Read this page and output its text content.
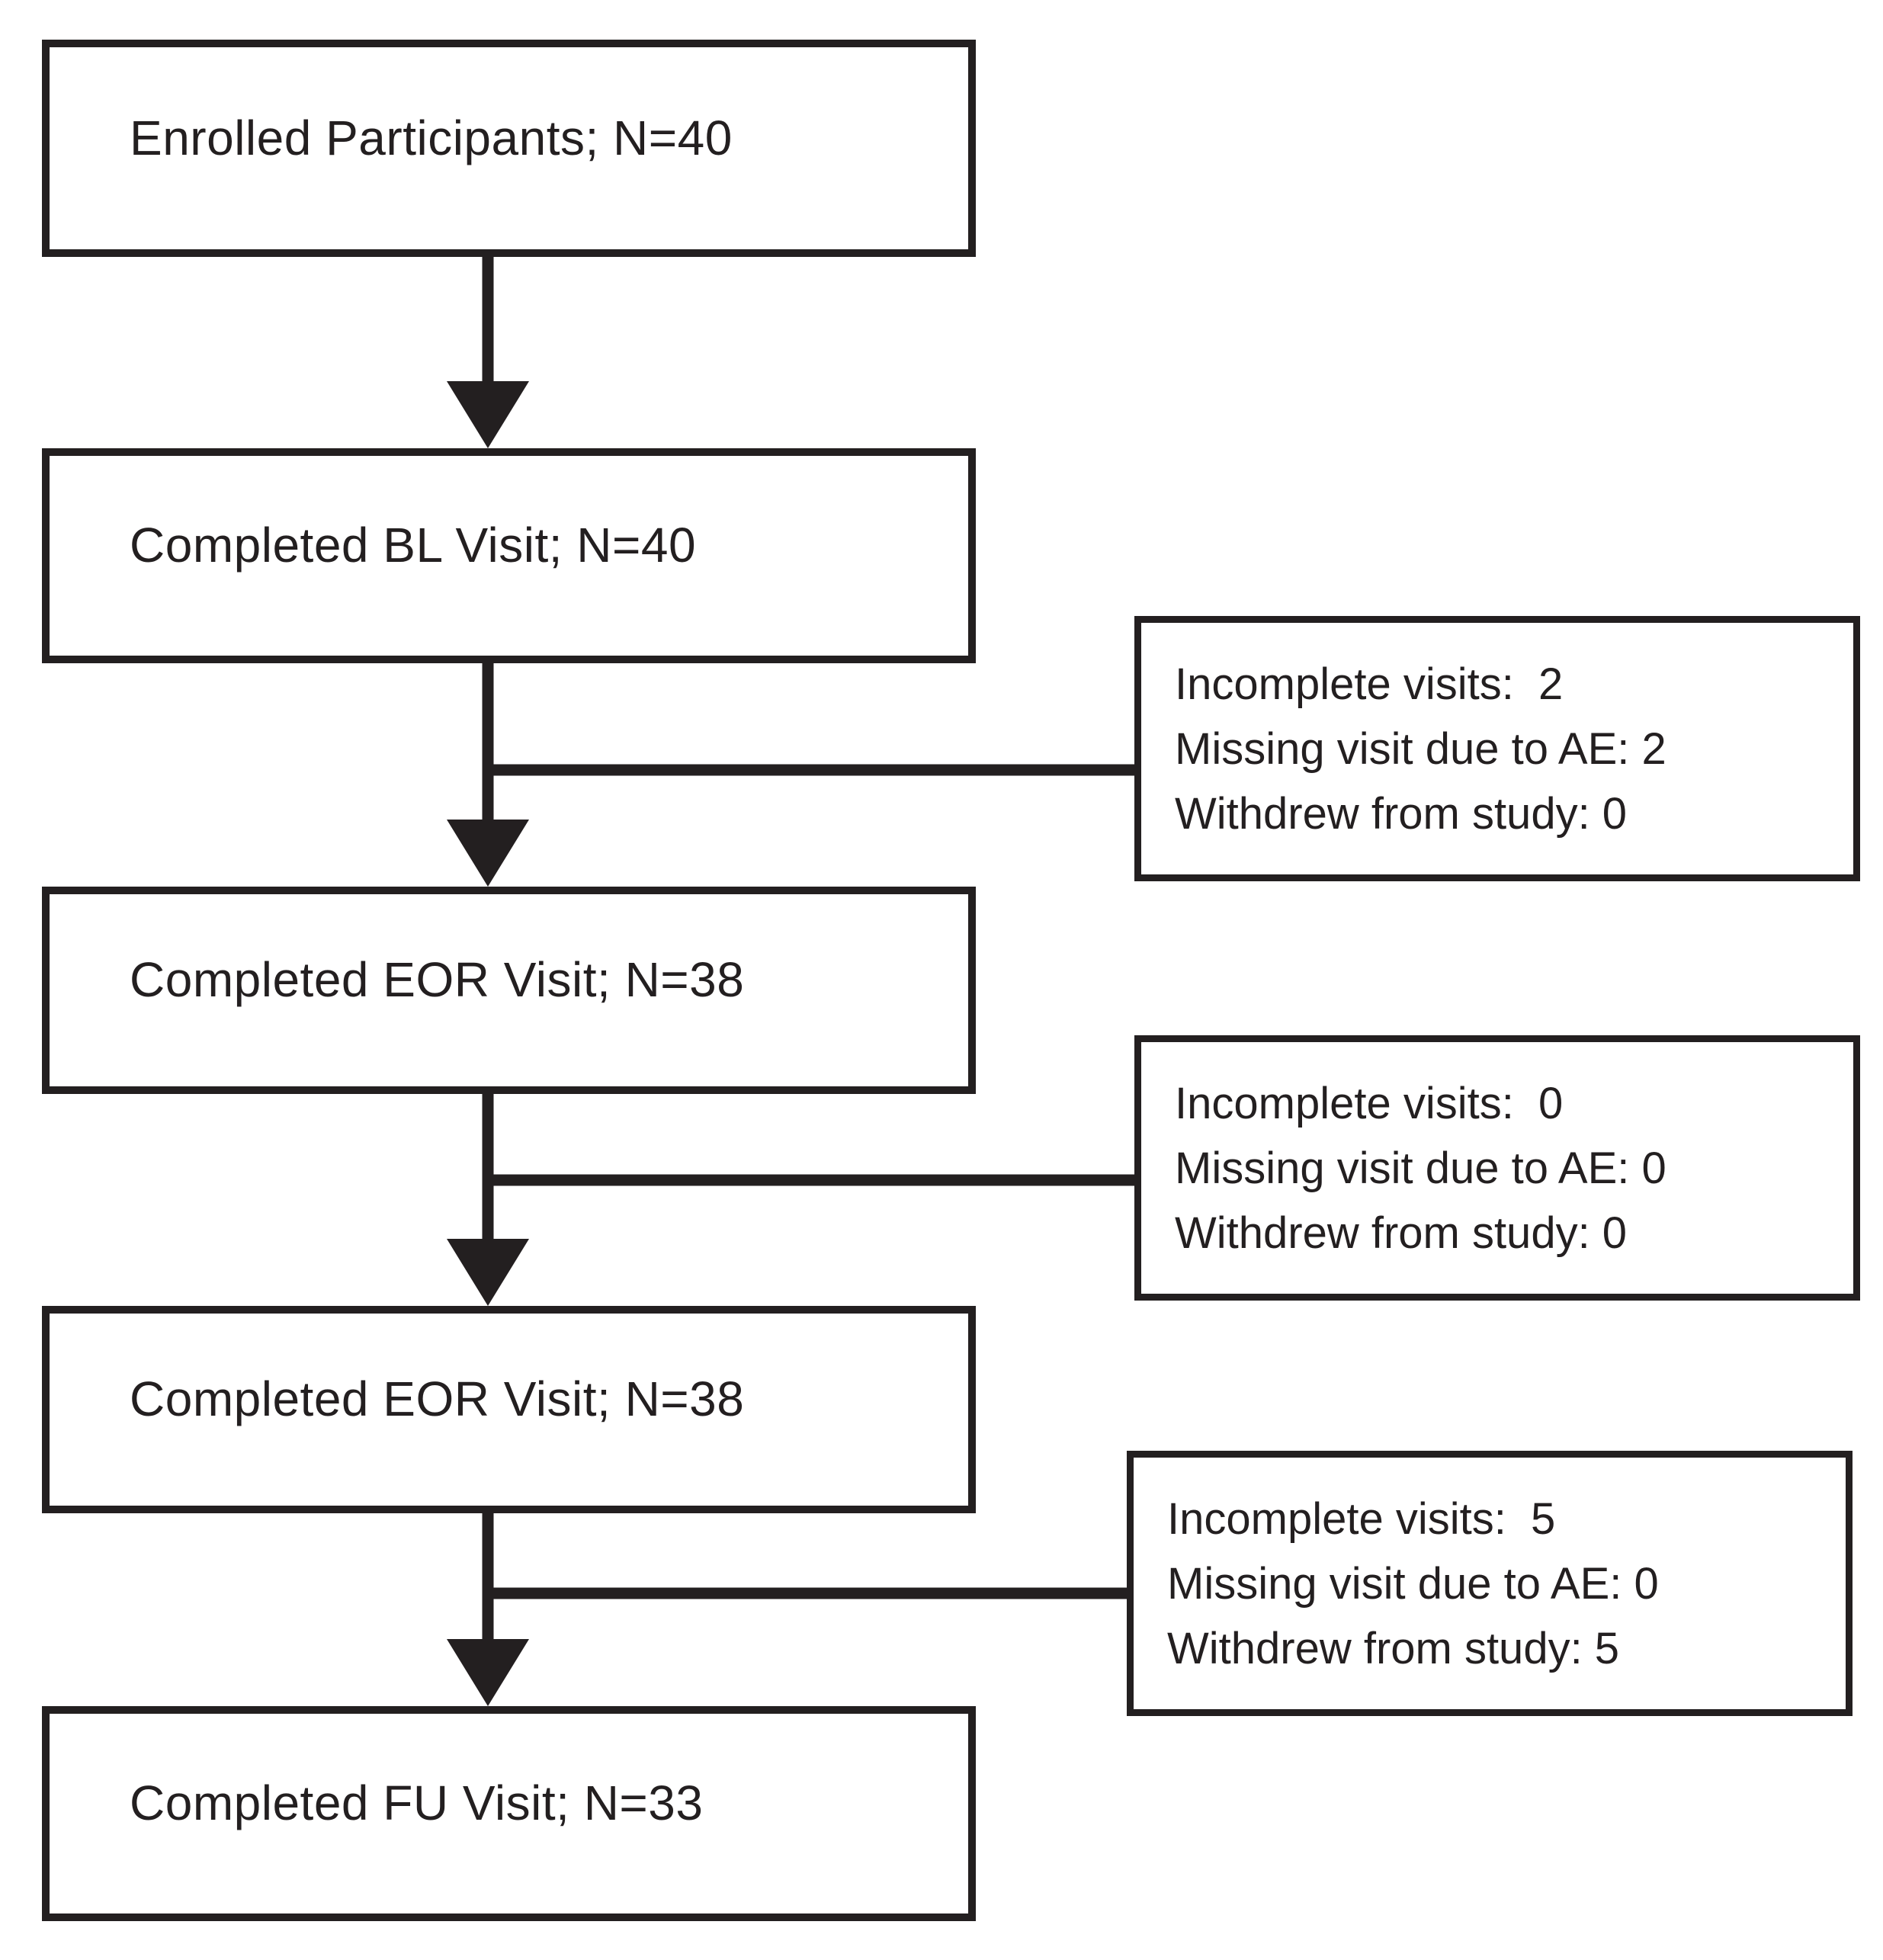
Enrolled Participants; N=40
Completed BL Visit; N=40
Completed EOR Visit; N=38
Completed EOR Visit; N=38
Completed FU Visit; N=33
Incomplete visits:  2
Missing visit due to AE: 2
Withdrew from study: 0
Incomplete visits:  0
Missing visit due to AE: 0
Withdrew from study: 0
Incomplete visits:  5
Missing visit due to AE: 0
Withdrew from study: 5
